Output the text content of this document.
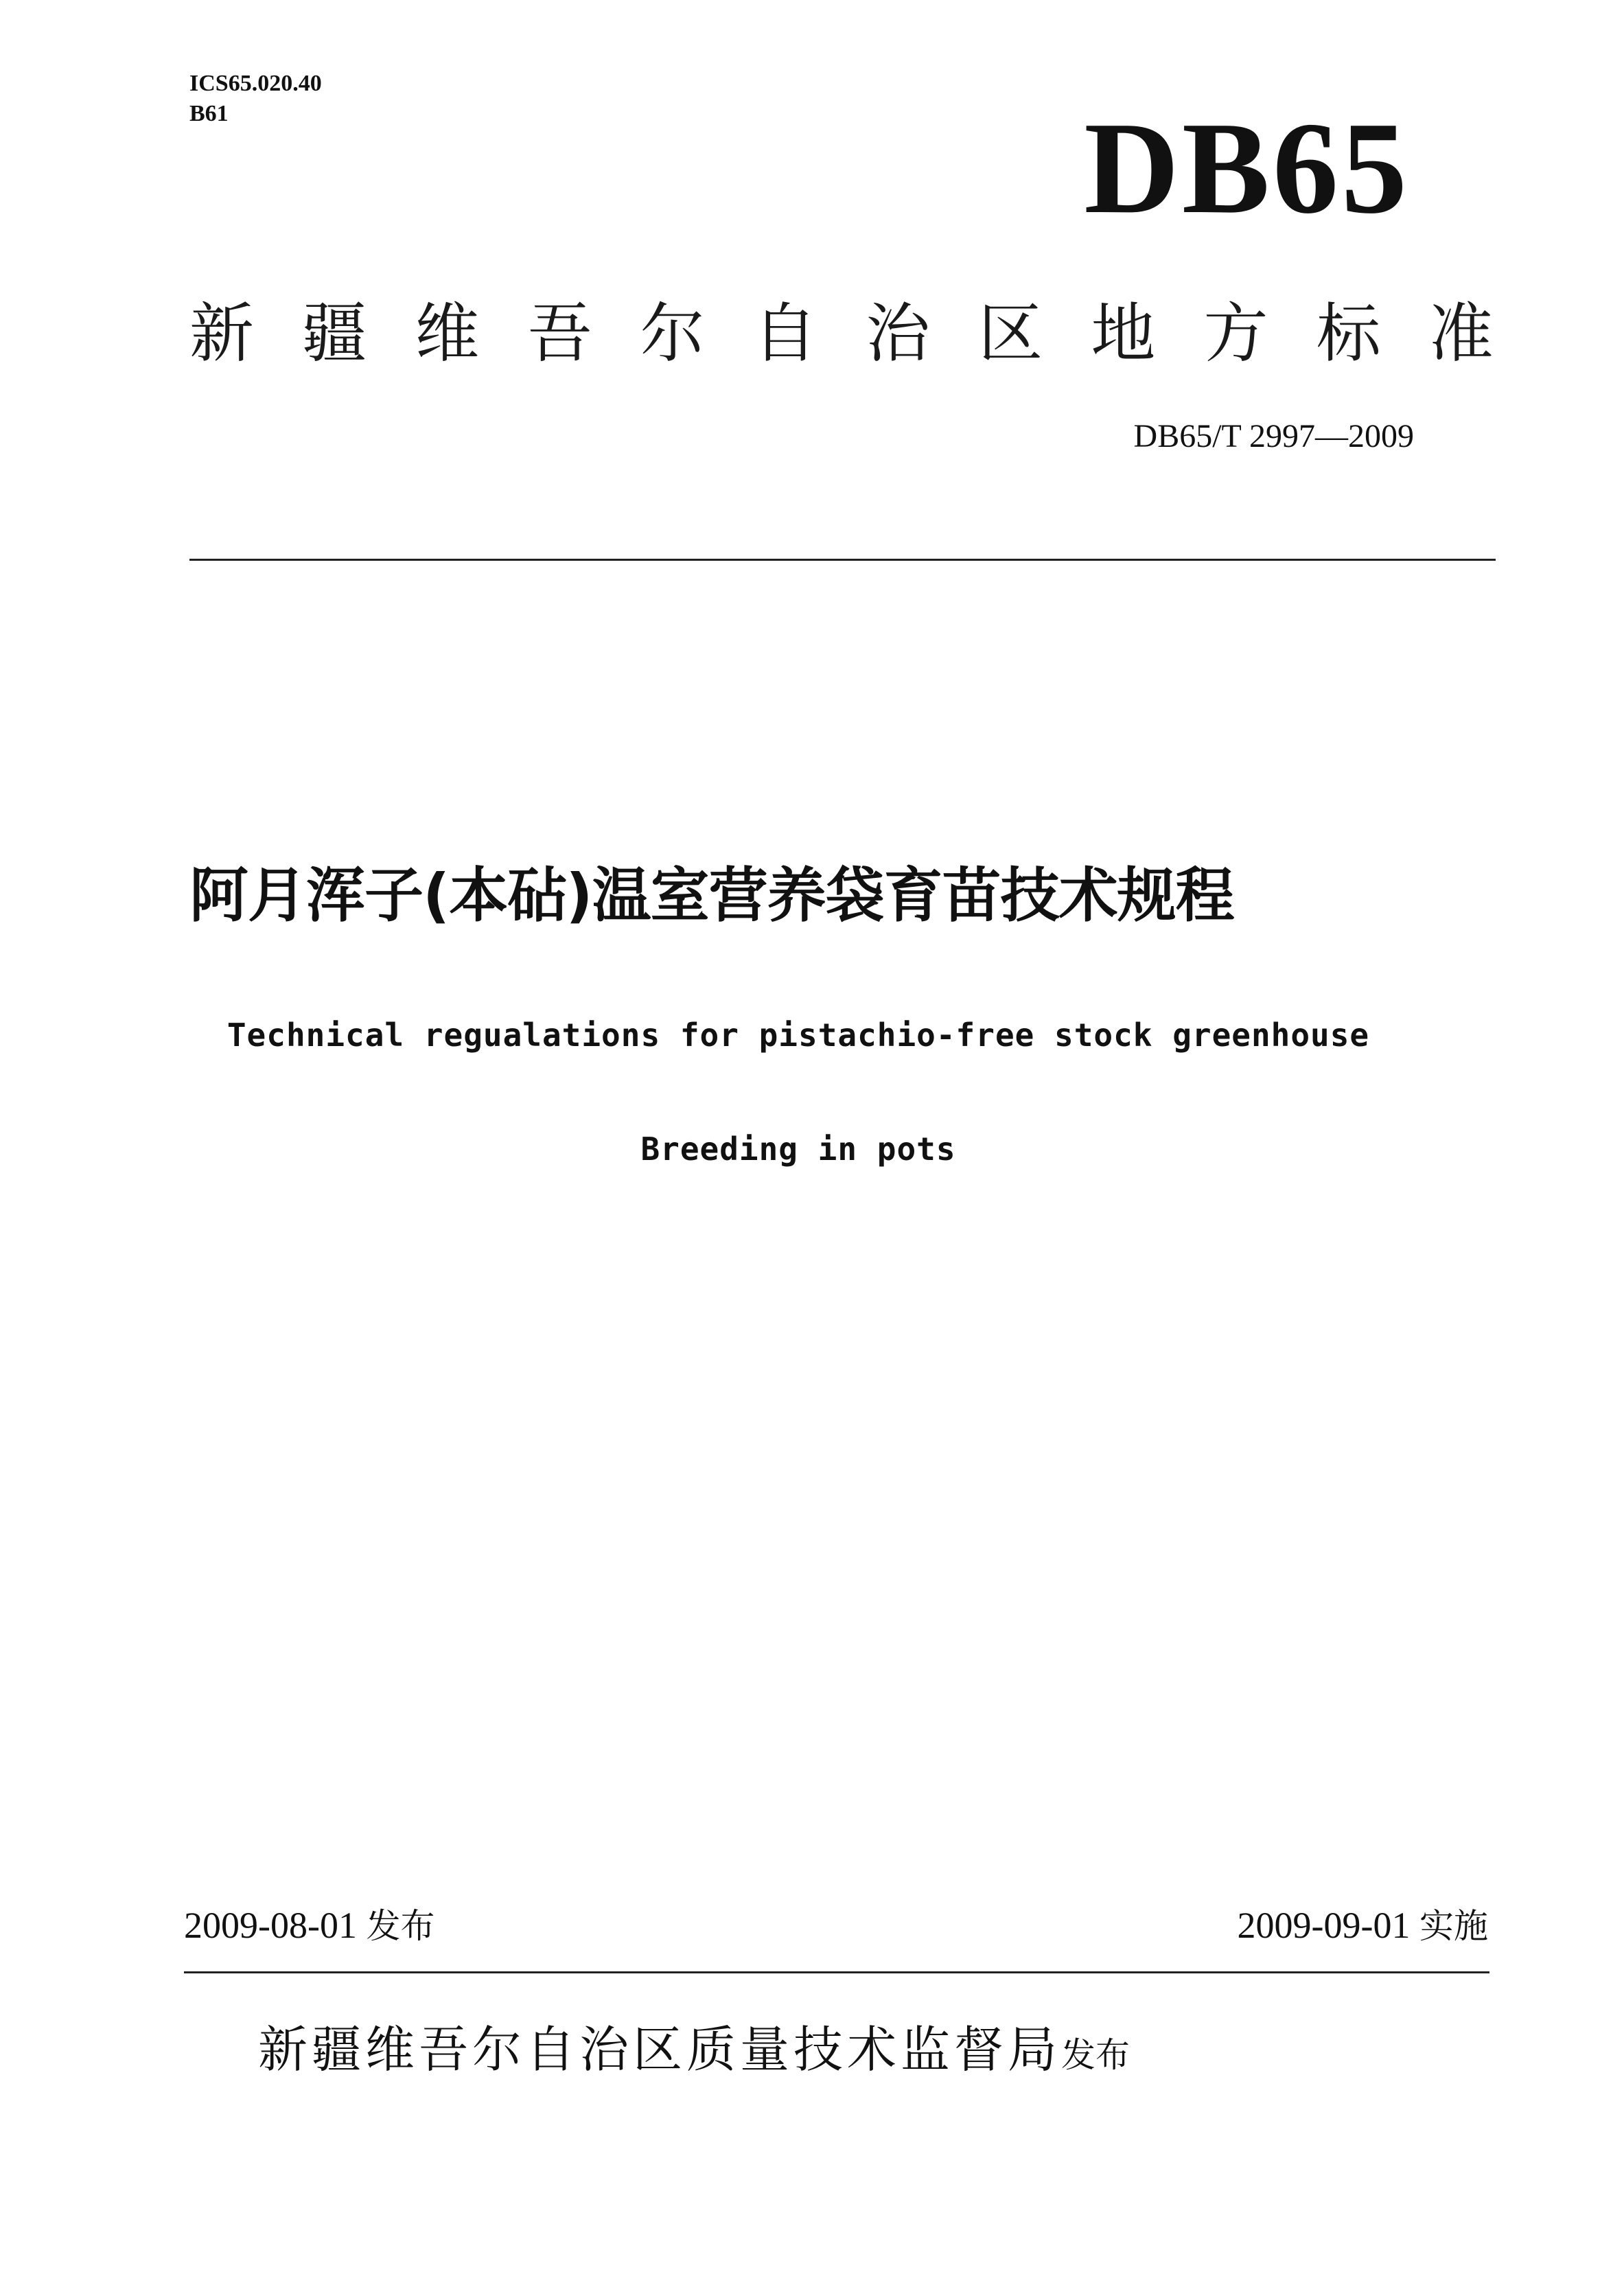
ICS65.020.40
B61	DB65
新 疆 维 吾 尔 自 治 区 地 方 标 准
DB65/T 2997—2009
阿月浑子(本砧)温室营养袋育苗技术规程
Technical regualations for pistachio-free stock greenhouse
Breeding in pots
2009-08-01 发布	2009-09-01 实施
新疆维吾尔自治区质量技术监督局发布
